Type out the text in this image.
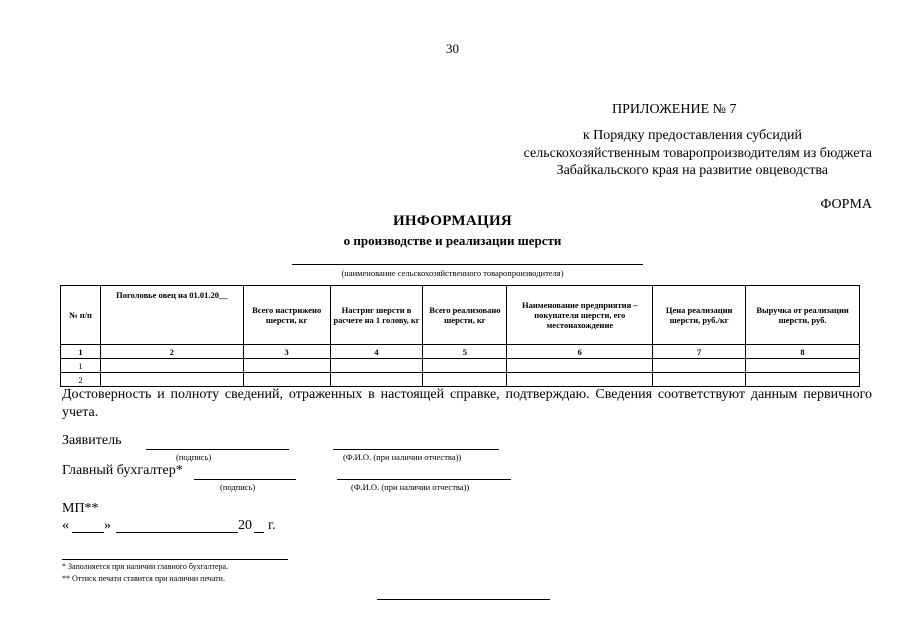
30
ПРИЛОЖЕНИЕ № 7
к Порядку предоставления субсидий
сельскохозяйственным товаропроизводителям из бюджета
Забайкальского края на развитие овцеводства
ФОРМА
ИНФОРМАЦИЯ
о производстве и реализации шерсти
(наименование сельскохозяйственного товаропроизводителя)
№ п/п	Поголовье овец на 01.01.20__	Всего настрижено шерсти, кг	Настриг шерсти в расчете на 1 голову, кг	Всего реализовано шерсти, кг	Наименование предприятия – покупателя шерсти, его местонахождение	Цена реализации шерсти, руб./кг	Выручка от реализации шерсти, руб.
1	2	3	4	5	6	7	8
1							
2							
Достоверность и полноту сведений, отраженных в настоящей справке, подтверждаю. Сведения соответствуют данным первичного учета.
Заявитель
(подпись)	(Ф.И.О. (при наличии отчества))
Главный бухгалтер*
(подпись)	(Ф.И.О. (при наличии отчества))
МП**
«	»	20 г.
* Заполняется при наличии главного бухгалтера.
** Оттиск печати ставится при наличии печати.
